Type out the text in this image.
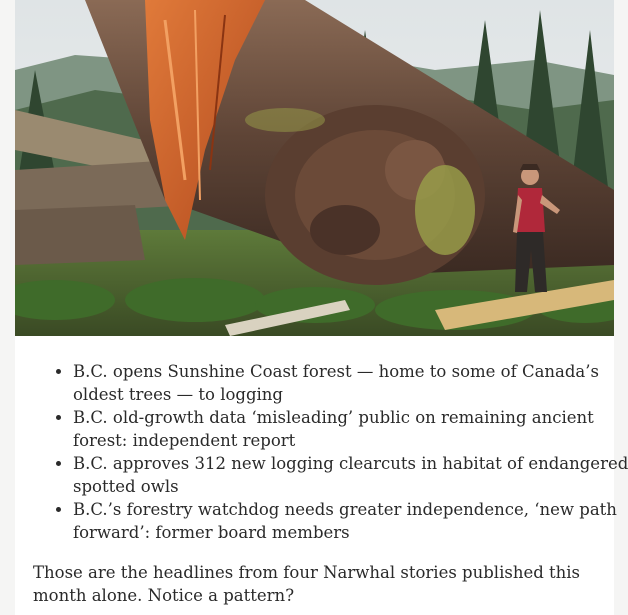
• B.C. opens Sunshine Coast forest — home to some of Canada’s oldest trees — to logging
• B.C. old-growth data ‘misleading’ public on remaining ancient forest: independent report
• B.C. approves 312 new logging clearcuts in habitat of endangered spotted owls
• B.C.’s forestry watchdog needs greater independence, ‘new path forward’: former board members

Those are the headlines from four Narwhal stories published this month alone. Notice a pattern?
